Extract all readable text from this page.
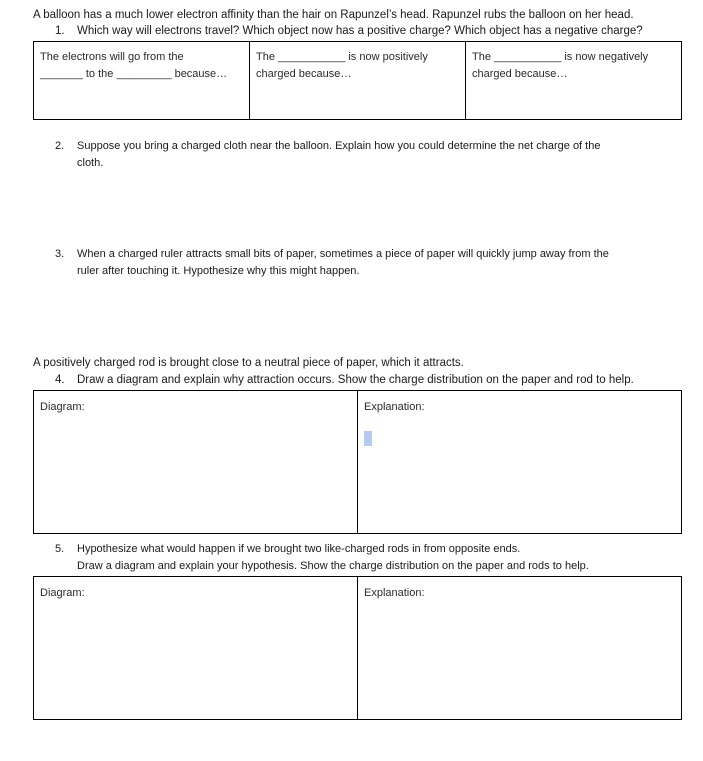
A balloon has a much lower electron affinity than the hair on Rapunzel’s head. Rapunzel rubs the balloon on her head.
1. Which way will electrons travel? Which object now has a positive charge? Which object has a negative charge?
The electrons will go from the
_______ to the _________ because…
The ___________ is now positively
charged because…
The ___________ is now negatively
charged because…
2. Suppose you bring a charged cloth near the balloon. Explain how you could determine the net charge of the
cloth.
3. When a charged ruler attracts small bits of paper, sometimes a piece of paper will quickly jump away from the
ruler after touching it. Hypothesize why this might happen.
A positively charged rod is brought close to a neutral piece of paper, which it attracts.
4. Draw a diagram and explain why attraction occurs. Show the charge distribution on the paper and rod to help.
Diagram:	Explanation:
5. Hypothesize what would happen if we brought two like-charged rods in from opposite ends.
Draw a diagram and explain your hypothesis. Show the charge distribution on the paper and rods to help.
Diagram:	Explanation:
